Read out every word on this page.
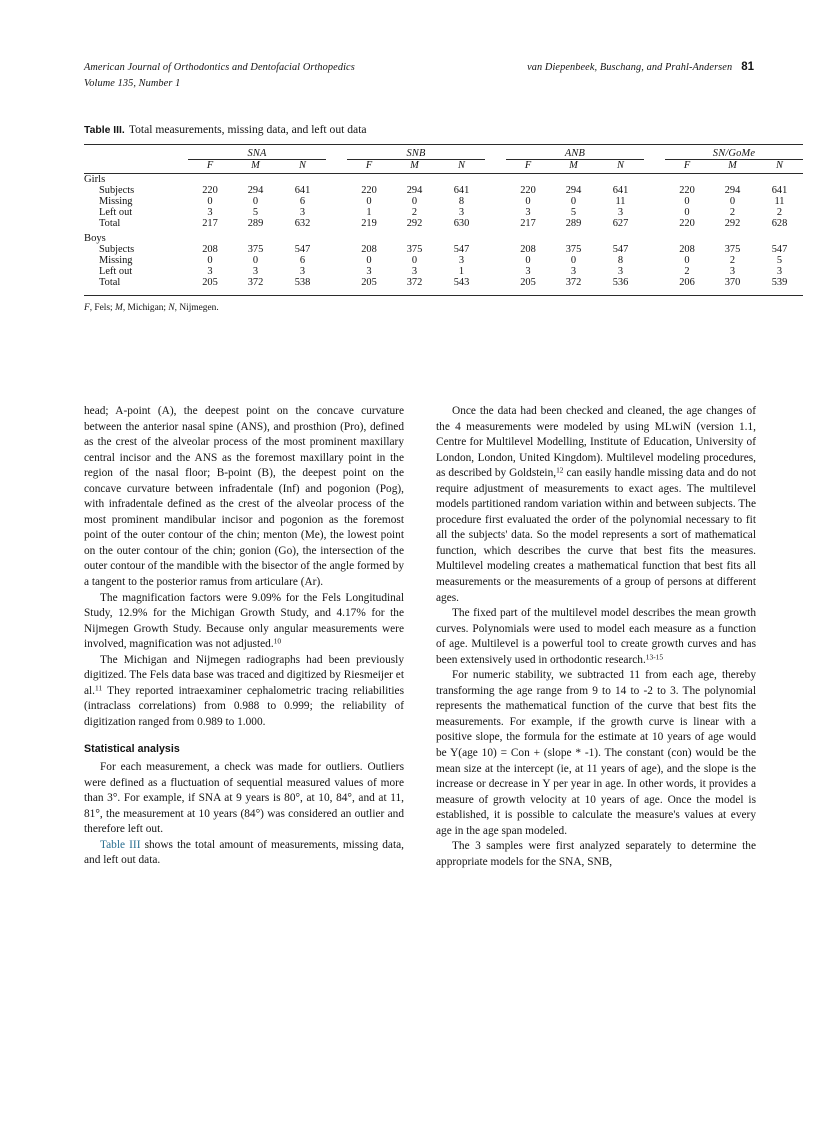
American Journal of Orthodontics and Dentofacial Orthopedics
Volume 135, Number 1
van Diepenbeek, Buschang, and Prahl-Andersen 81
Table III. Total measurements, missing data, and left out data

	SNA				SNB				ANB				SN/GoMe		
	F	M	N		F	M	N		F	M	N		F	M	N

Girls															
Subjects	220	294	641		220	294	641		220	294	641		220	294	641
Missing	0	0	6		0	0	8		0	0	11		0	0	11
Left out	3	5	3		1	2	3		3	5	3		0	2	2
Total	217	289	632		219	292	630		217	289	627		220	292	628
Boys															
Subjects	208	375	547		208	375	547		208	375	547		208	375	547
Missing	0	0	6		0	0	3		0	0	8		0	2	5
Left out	3	3	3		3	3	1		3	3	3		2	3	3
Total	205	372	538		205	372	543		205	372	536		206	370	539

F, Fels; M, Michigan; N, Nijmegen.

head; A-point (A), the deepest point on the concave curvature between the anterior nasal spine (ANS), and prosthion (Pro), defined as the crest of the alveolar process of the most prominent maxillary central incisor and the ANS as the foremost maxillary point in the region of the nasal floor; B-point (B), the deepest point on the concave curvature between infradentale (Inf) and pogonion (Pog), with infradentale defined as the crest of the alveolar process of the most prominent mandibular incisor and pogonion as the foremost point of the outer contour of the chin; menton (Me), the lowest point on the outer contour of the chin; gonion (Go), the intersection of the outer contour of the mandible with the bisector of the angle formed by a tangent to the posterior ramus from articulare (Ar).

The magnification factors were 9.09% for the Fels Longitudinal Study, 12.9% for the Michigan Growth Study, and 4.17% for the Nijmegen Growth Study. Because only angular measurements were involved, magnification was not adjusted.$^{10}$

The Michigan and Nijmegen radiographs had been previously digitized. The Fels data base was traced and digitized by Riesmeijer et al.$^{11}$ They reported intraexaminer cephalometric tracing reliabilities (intraclass correlations) from 0.988 to 0.999; the reliability of digitization ranged from 0.989 to 1.000.

Statistical analysis

For each measurement, a check was made for outliers. Outliers were defined as a fluctuation of sequential measured values of more than 3°. For example, if SNA at 9 years is 80°, at 10, 84°, and at 11, 81°, the measurement at 10 years (84°) was considered an outlier and therefore left out.

Table III shows the total amount of measurements, missing data, and left out data.

Once the data had been checked and cleaned, the age changes of the 4 measurements were modeled by using MLwiN (version 1.1, Centre for Multilevel Modelling, Institute of Education, University of London, London, United Kingdom). Multilevel modeling procedures, as described by Goldstein,$^{12}$ can easily handle missing data and do not require adjustment of measurements to exact ages. The multilevel models partitioned random variation within and between subjects. The procedure first evaluated the order of the polynomial necessary to fit all the subjects' data. So the model represents a sort of mathematical function, which describes the curve that best fits the measures. Multilevel modeling creates a mathematical function that best fits all measurements or the measurements of a group of persons at different ages.

The fixed part of the multilevel model describes the mean growth curves. Polynomials were used to model each measure as a function of age. Multilevel is a powerful tool to create growth curves and has been extensively used in orthodontic research.$^{13-15}$

For numeric stability, we subtracted 11 from each age, thereby transforming the age range from 9 to 14 to -2 to 3. The polynomial represents the mathematical function of the curve that best fits the measurements. For example, if the growth curve is linear with a positive slope, the formula for the estimate at 10 years of age would be Y(age 10) = Con + (slope * -1). The constant (con) would be the mean size at the intercept (ie, at 11 years of age), and the slope is the increase or decrease in Y per year in age. In other words, it provides a measure of growth velocity at 10 years of age. Once the model is established, it is possible to calculate the measure's values at every age in the age span modeled.

The 3 samples were first analyzed separately to determine the appropriate models for the SNA, SNB,
